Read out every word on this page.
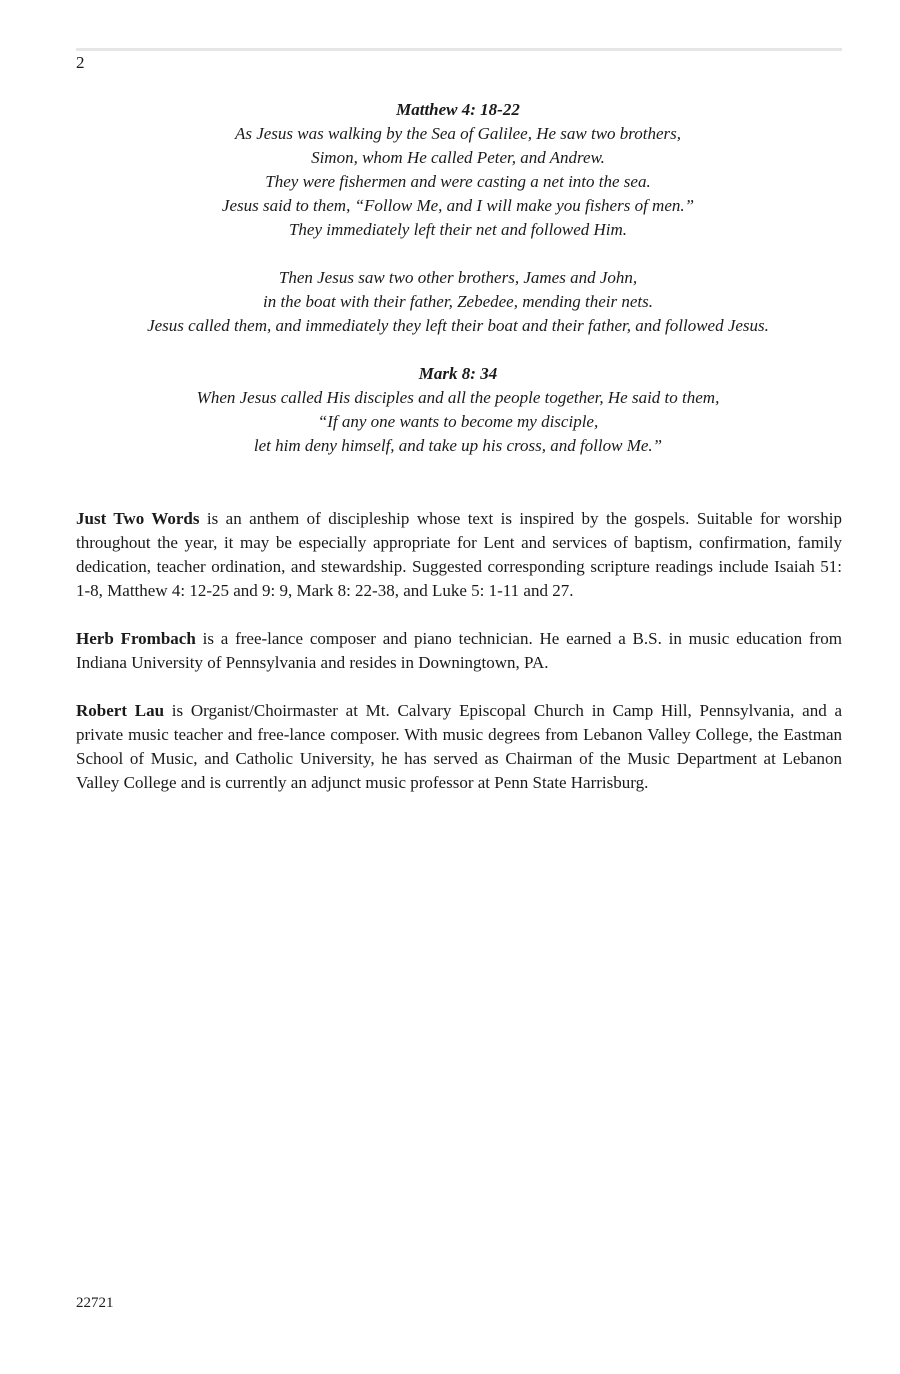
2
Matthew 4: 18-22
As Jesus was walking by the Sea of Galilee, He saw two brothers,
Simon, whom He called Peter, and Andrew.
They were fishermen and were casting a net into the sea.
Jesus said to them, “Follow Me, and I will make you fishers of men.”
They immediately left their net and followed Him.
Then Jesus saw two other brothers, James and John,
in the boat with their father, Zebedee, mending their nets.
Jesus called them, and immediately they left their boat and their father, and followed Jesus.
Mark 8: 34
When Jesus called His disciples and all the people together, He said to them,
“If any one wants to become my disciple,
let him deny himself, and take up his cross, and follow Me.”

Just Two Words is an anthem of discipleship whose text is inspired by the gospels. Suitable for worship throughout the year, it may be especially appropriate for Lent and services of baptism, confirmation, family dedication, teacher ordination, and stewardship. Suggested corresponding scripture readings include Isaiah 51: 1-8, Matthew 4: 12-25 and 9: 9, Mark 8: 22-38, and Luke 5: 1-11 and 27.

Herb Frombach is a free-lance composer and piano technician. He earned a B.S. in music education from Indiana University of Pennsylvania and resides in Downingtown, PA.

Robert Lau is Organist/Choirmaster at Mt. Calvary Episcopal Church in Camp Hill, Pennsylvania, and a private music teacher and free-lance composer. With music degrees from Lebanon Valley College, the Eastman School of Music, and Catholic University, he has served as Chairman of the Music Department at Lebanon Valley College and is currently an adjunct music professor at Penn State Harrisburg.

22721
